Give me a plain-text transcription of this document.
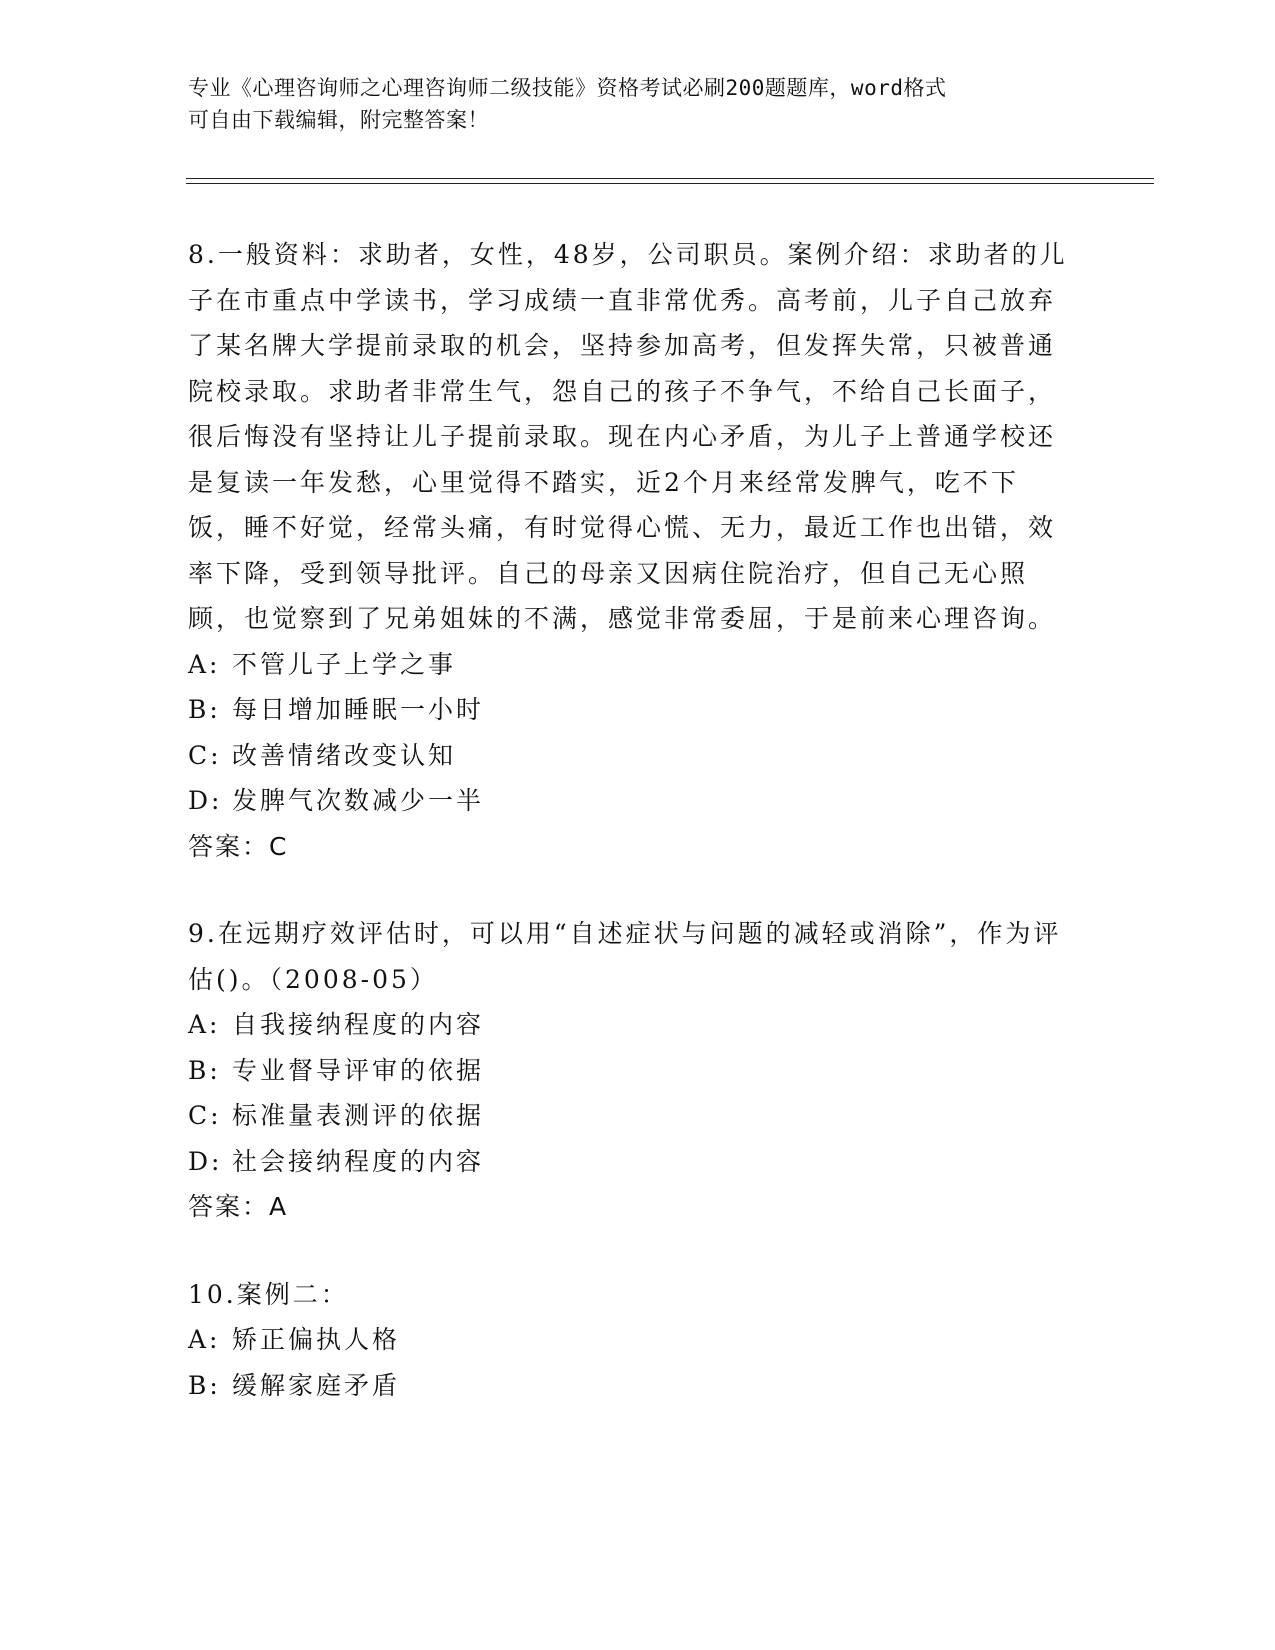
专业《心理咨询师之心理咨询师二级技能》资格考试必刷200题题库，word格式
可自由下载编辑，附完整答案！

8.一般资料：求助者，女性，48岁，公司职员。案例介绍：求助者的儿子在市重点中学读书，学习成绩一直非常优秀。高考前，儿子自己放弃了某名牌大学提前录取的机会，坚持参加高考，但发挥失常，只被普通院校录取。求助者非常生气，怨自己的孩子不争气，不给自己长面子，很后悔没有坚持让儿子提前录取。现在内心矛盾，为儿子上普通学校还是复读一年发愁，心里觉得不踏实，近2个月来经常发脾气，吃不下饭，睡不好觉，经常头痛，有时觉得心慌、无力，最近工作也出错，效率下降，受到领导批评。自己的母亲又因病住院治疗，但自己无心照顾，也觉察到了兄弟姐妹的不满，感觉非常委屈，于是前来心理咨询。

A: 不管儿子上学之事

B: 每日增加睡眠一小时

C: 改善情绪改变认知

D: 发脾气次数减少一半

答案：C

9.在远期疗效评估时，可以用“自述症状与问题的减轻或消除”，作为评估()。（2008-05）

A: 自我接纳程度的内容

B: 专业督导评审的依据

C: 标准量表测评的依据

D: 社会接纳程度的内容

答案：A

10.案例二：

A: 矫正偏执人格

B: 缓解家庭矛盾
